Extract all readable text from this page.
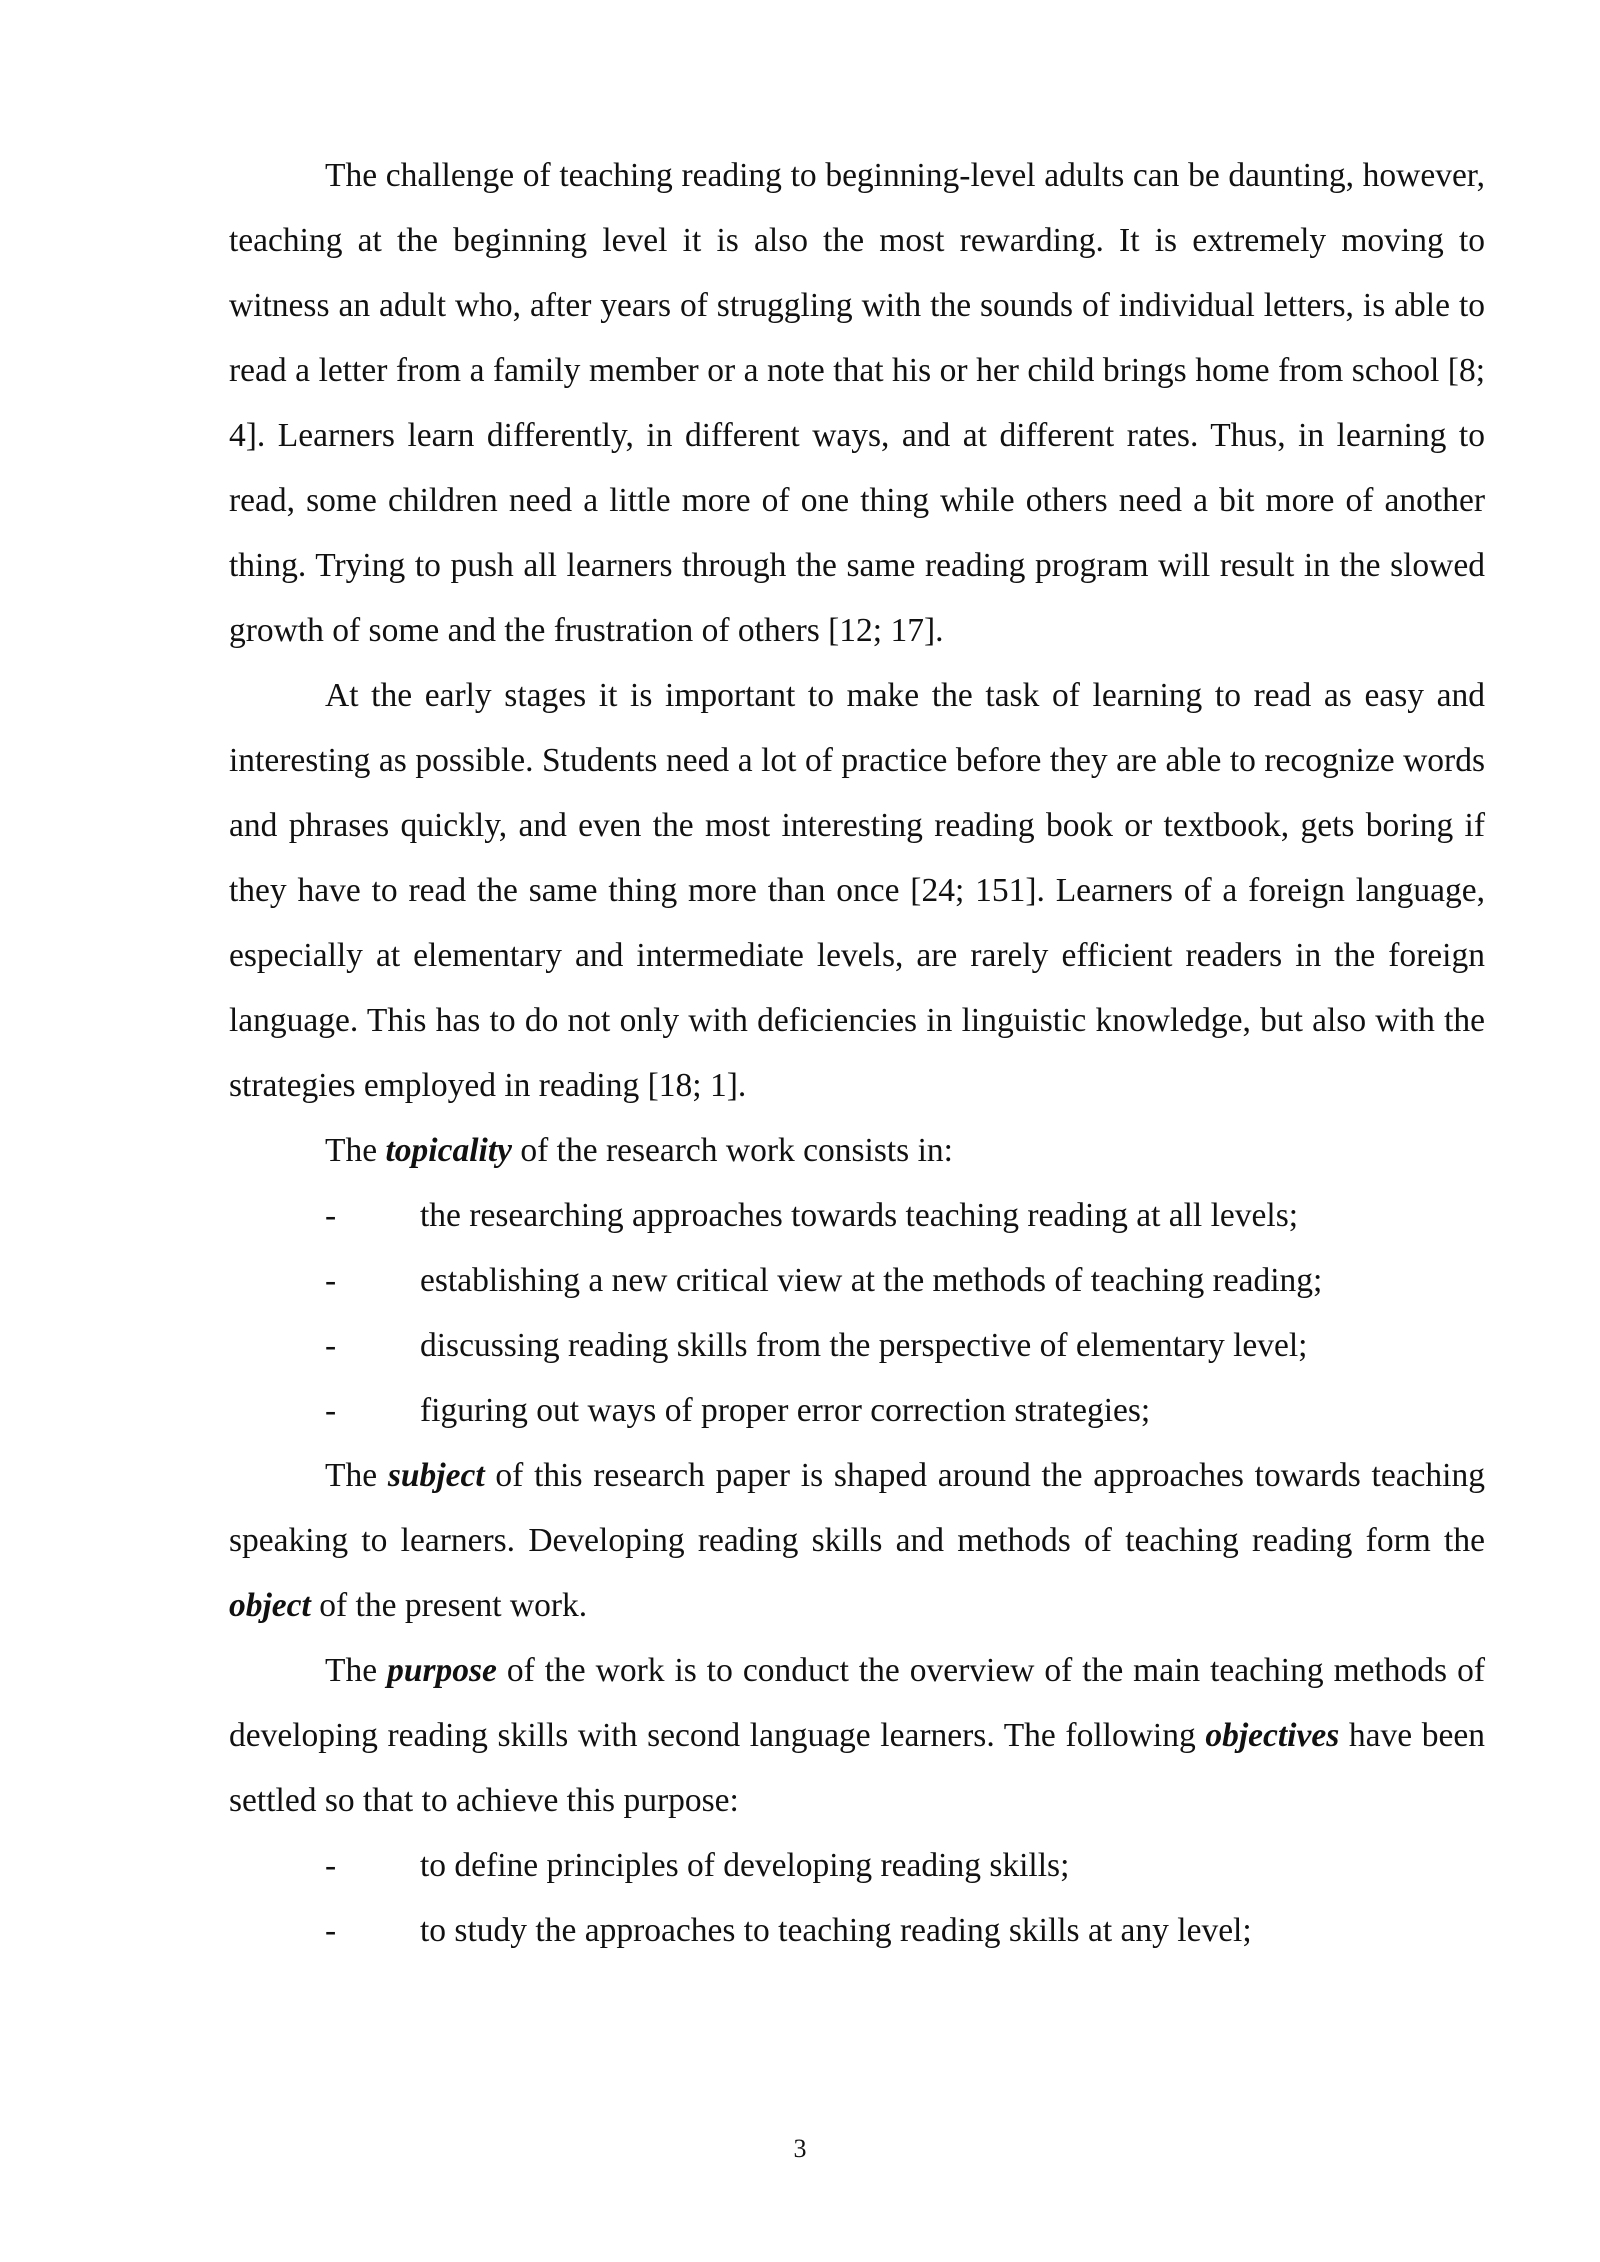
The challenge of teaching reading to beginning-level adults can be daunting, however, teaching at the beginning level it is also the most rewarding. It is extremely moving to witness an adult who, after years of struggling with the sounds of individual letters, is able to read a letter from a family member or a note that his or her child brings home from school [8; 4]. Learners learn differently, in different ways, and at different rates. Thus, in learning to read, some children need a little more of one thing while others need a bit more of another thing. Trying to push all learners through the same reading program will result in the slowed growth of some and the frustration of others [12; 17].

At the early stages it is important to make the task of learning to read as easy and interesting as possible. Students need a lot of practice before they are able to recognize words and phrases quickly, and even the most interesting reading book or textbook, gets boring if they have to read the same thing more than once [24; 151]. Learners of a foreign language, especially at elementary and intermediate levels, are rarely efficient readers in the foreign language. This has to do not only with deficiencies in linguistic knowledge, but also with the strategies employed in reading [18; 1].

The topicality of the research work consists in:

-	the researching approaches towards teaching reading at all levels;
-	establishing a new critical view at the methods of teaching reading;
-	discussing reading skills from the perspective of elementary level;
-	figuring out ways of proper error correction strategies;

The subject of this research paper is shaped around the approaches towards teaching speaking to learners. Developing reading skills and methods of teaching reading form the object of the present work.

The purpose of the work is to conduct the overview of the main teaching methods of developing reading skills with second language learners. The following objectives have been settled so that to achieve this purpose:

-	to define principles of developing reading skills;
-	to study the approaches to teaching reading skills at any level;
3
